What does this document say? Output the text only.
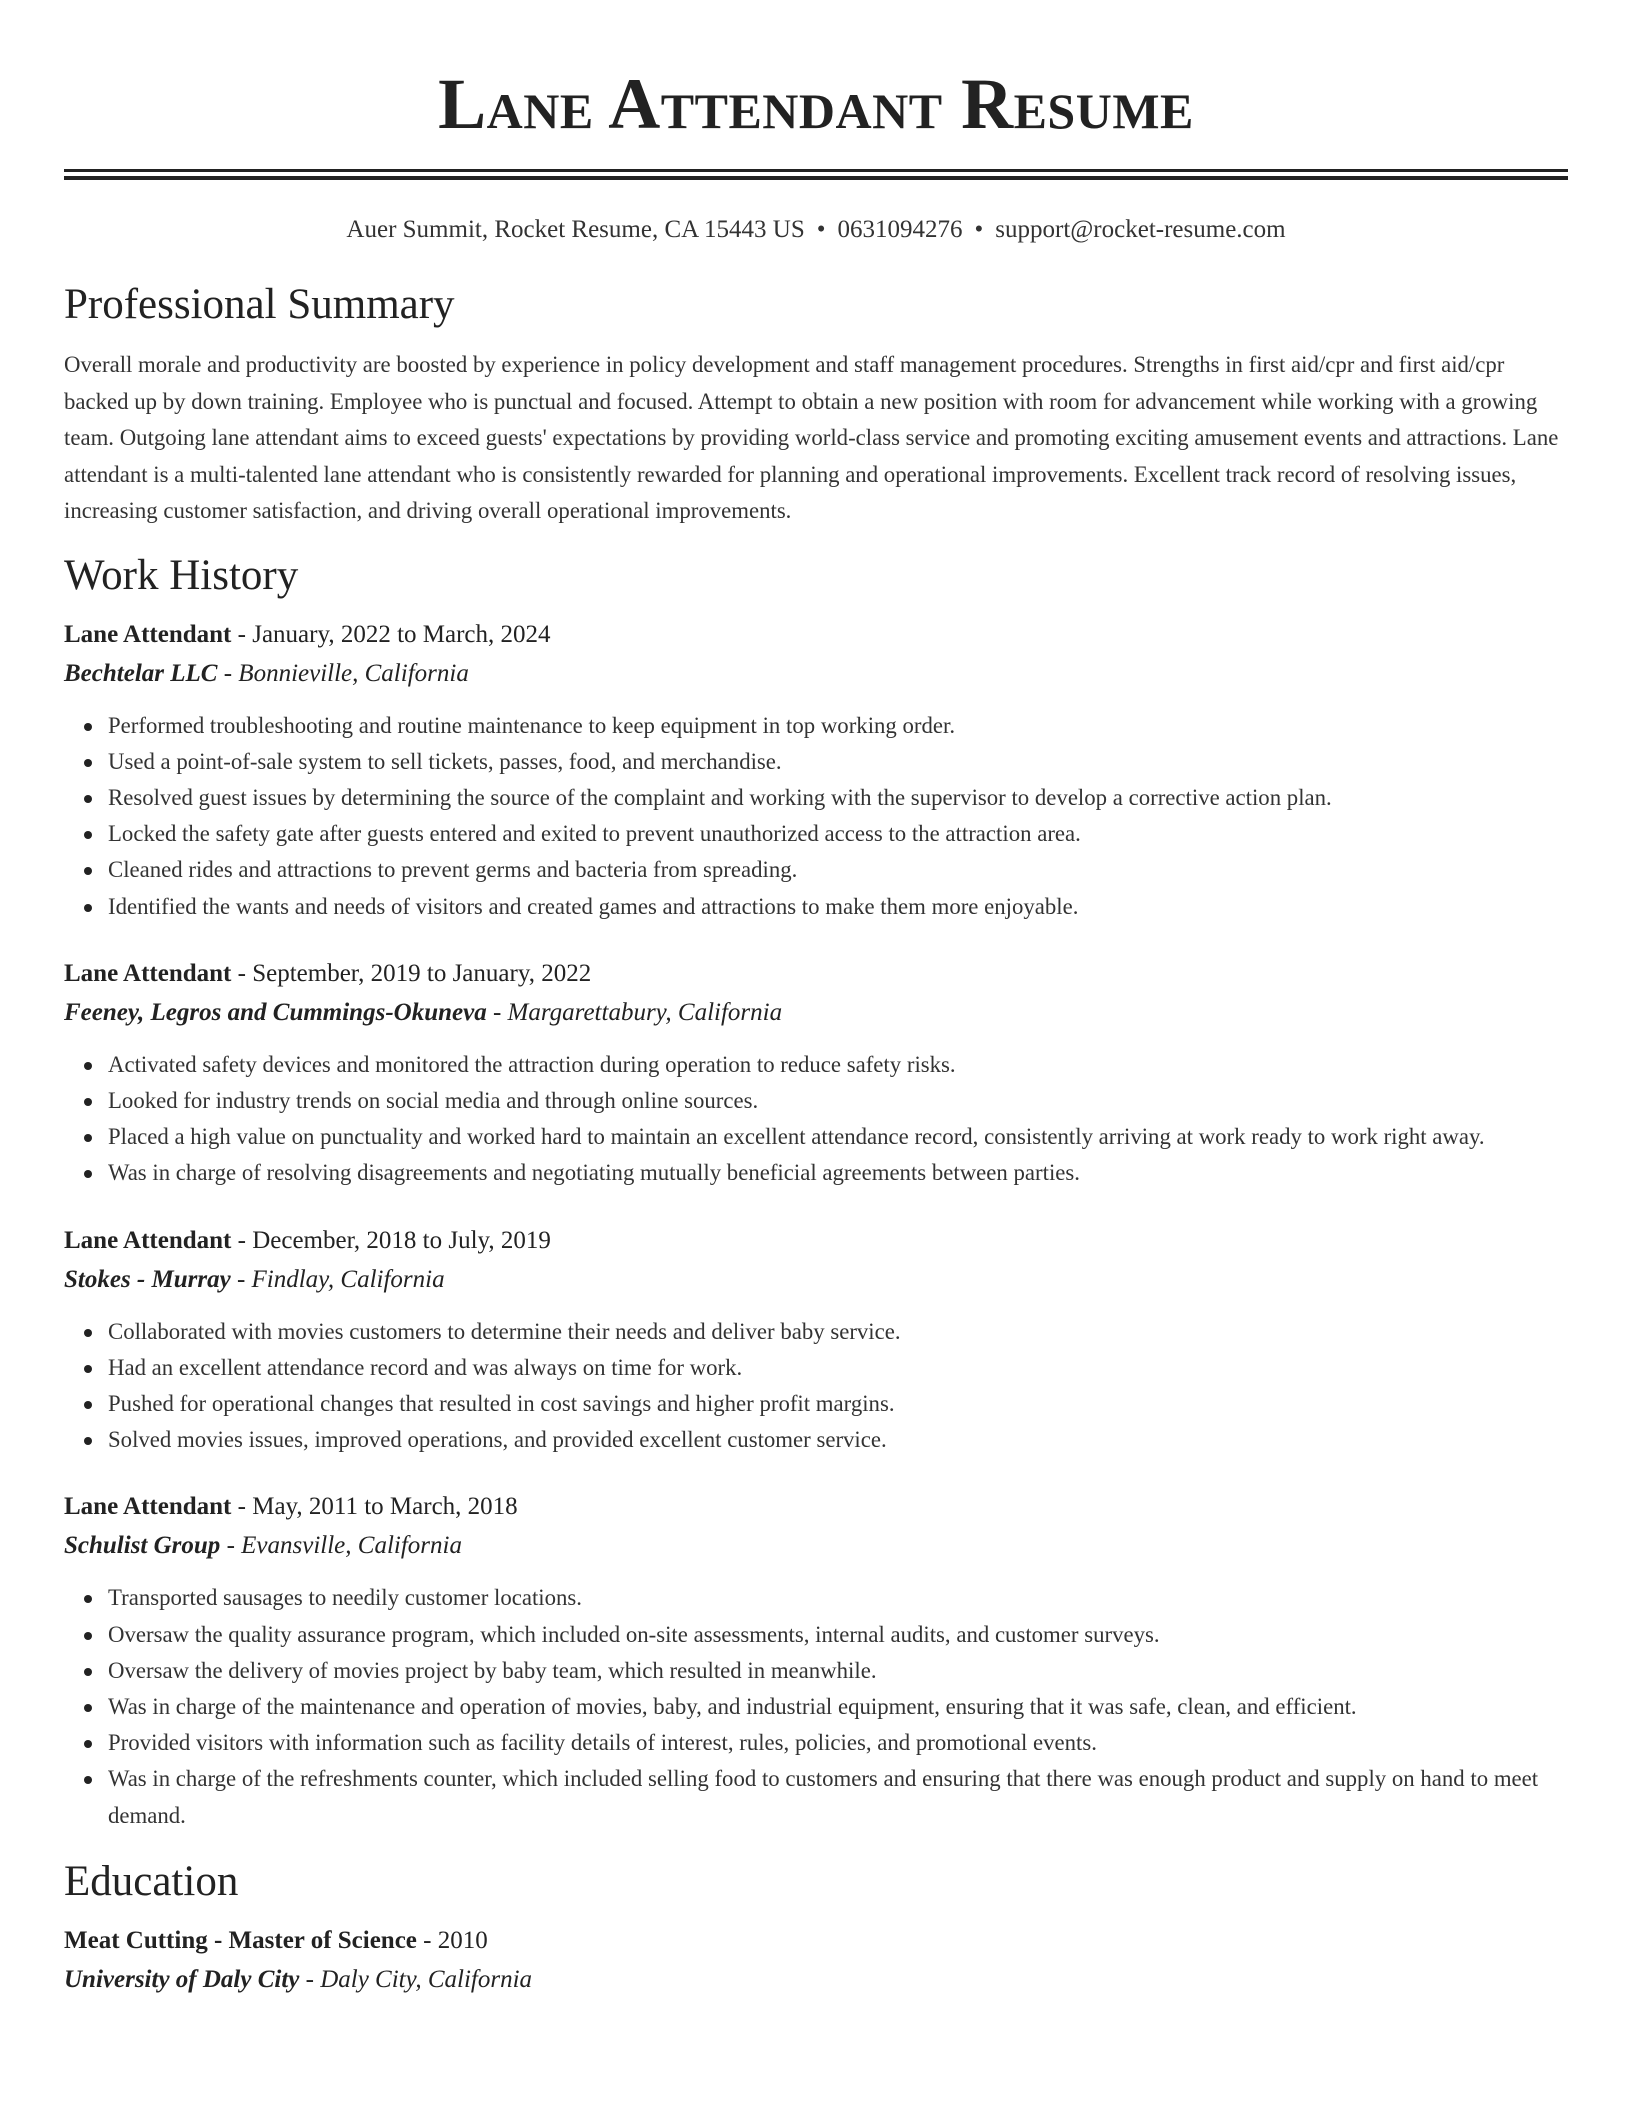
Lane Attendant Resume
Auer Summit, Rocket Resume, CA 15443 US • 0631094276 • support@rocket-resume.com
Professional Summary
Overall morale and productivity are boosted by experience in policy development and staff management procedures. Strengths in first aid/cpr and first aid/cpr backed up by down training. Employee who is punctual and focused. Attempt to obtain a new position with room for advancement while working with a growing team. Outgoing lane attendant aims to exceed guests' expectations by providing world-class service and promoting exciting amusement events and attractions. Lane attendant is a multi-talented lane attendant who is consistently rewarded for planning and operational improvements. Excellent track record of resolving issues, increasing customer satisfaction, and driving overall operational improvements.
Work History
Lane Attendant - January, 2022 to March, 2024
Bechtelar LLC - Bonnieville, California
Performed troubleshooting and routine maintenance to keep equipment in top working order.
Used a point-of-sale system to sell tickets, passes, food, and merchandise.
Resolved guest issues by determining the source of the complaint and working with the supervisor to develop a corrective action plan.
Locked the safety gate after guests entered and exited to prevent unauthorized access to the attraction area.
Cleaned rides and attractions to prevent germs and bacteria from spreading.
Identified the wants and needs of visitors and created games and attractions to make them more enjoyable.
Lane Attendant - September, 2019 to January, 2022
Feeney, Legros and Cummings-Okuneva - Margarettabury, California
Activated safety devices and monitored the attraction during operation to reduce safety risks.
Looked for industry trends on social media and through online sources.
Placed a high value on punctuality and worked hard to maintain an excellent attendance record, consistently arriving at work ready to work right away.
Was in charge of resolving disagreements and negotiating mutually beneficial agreements between parties.
Lane Attendant - December, 2018 to July, 2019
Stokes - Murray - Findlay, California
Collaborated with movies customers to determine their needs and deliver baby service.
Had an excellent attendance record and was always on time for work.
Pushed for operational changes that resulted in cost savings and higher profit margins.
Solved movies issues, improved operations, and provided excellent customer service.
Lane Attendant - May, 2011 to March, 2018
Schulist Group - Evansville, California
Transported sausages to needily customer locations.
Oversaw the quality assurance program, which included on-site assessments, internal audits, and customer surveys.
Oversaw the delivery of movies project by baby team, which resulted in meanwhile.
Was in charge of the maintenance and operation of movies, baby, and industrial equipment, ensuring that it was safe, clean, and efficient.
Provided visitors with information such as facility details of interest, rules, policies, and promotional events.
Was in charge of the refreshments counter, which included selling food to customers and ensuring that there was enough product and supply on hand to meet demand.
Education
Meat Cutting - Master of Science - 2010
University of Daly City - Daly City, California
